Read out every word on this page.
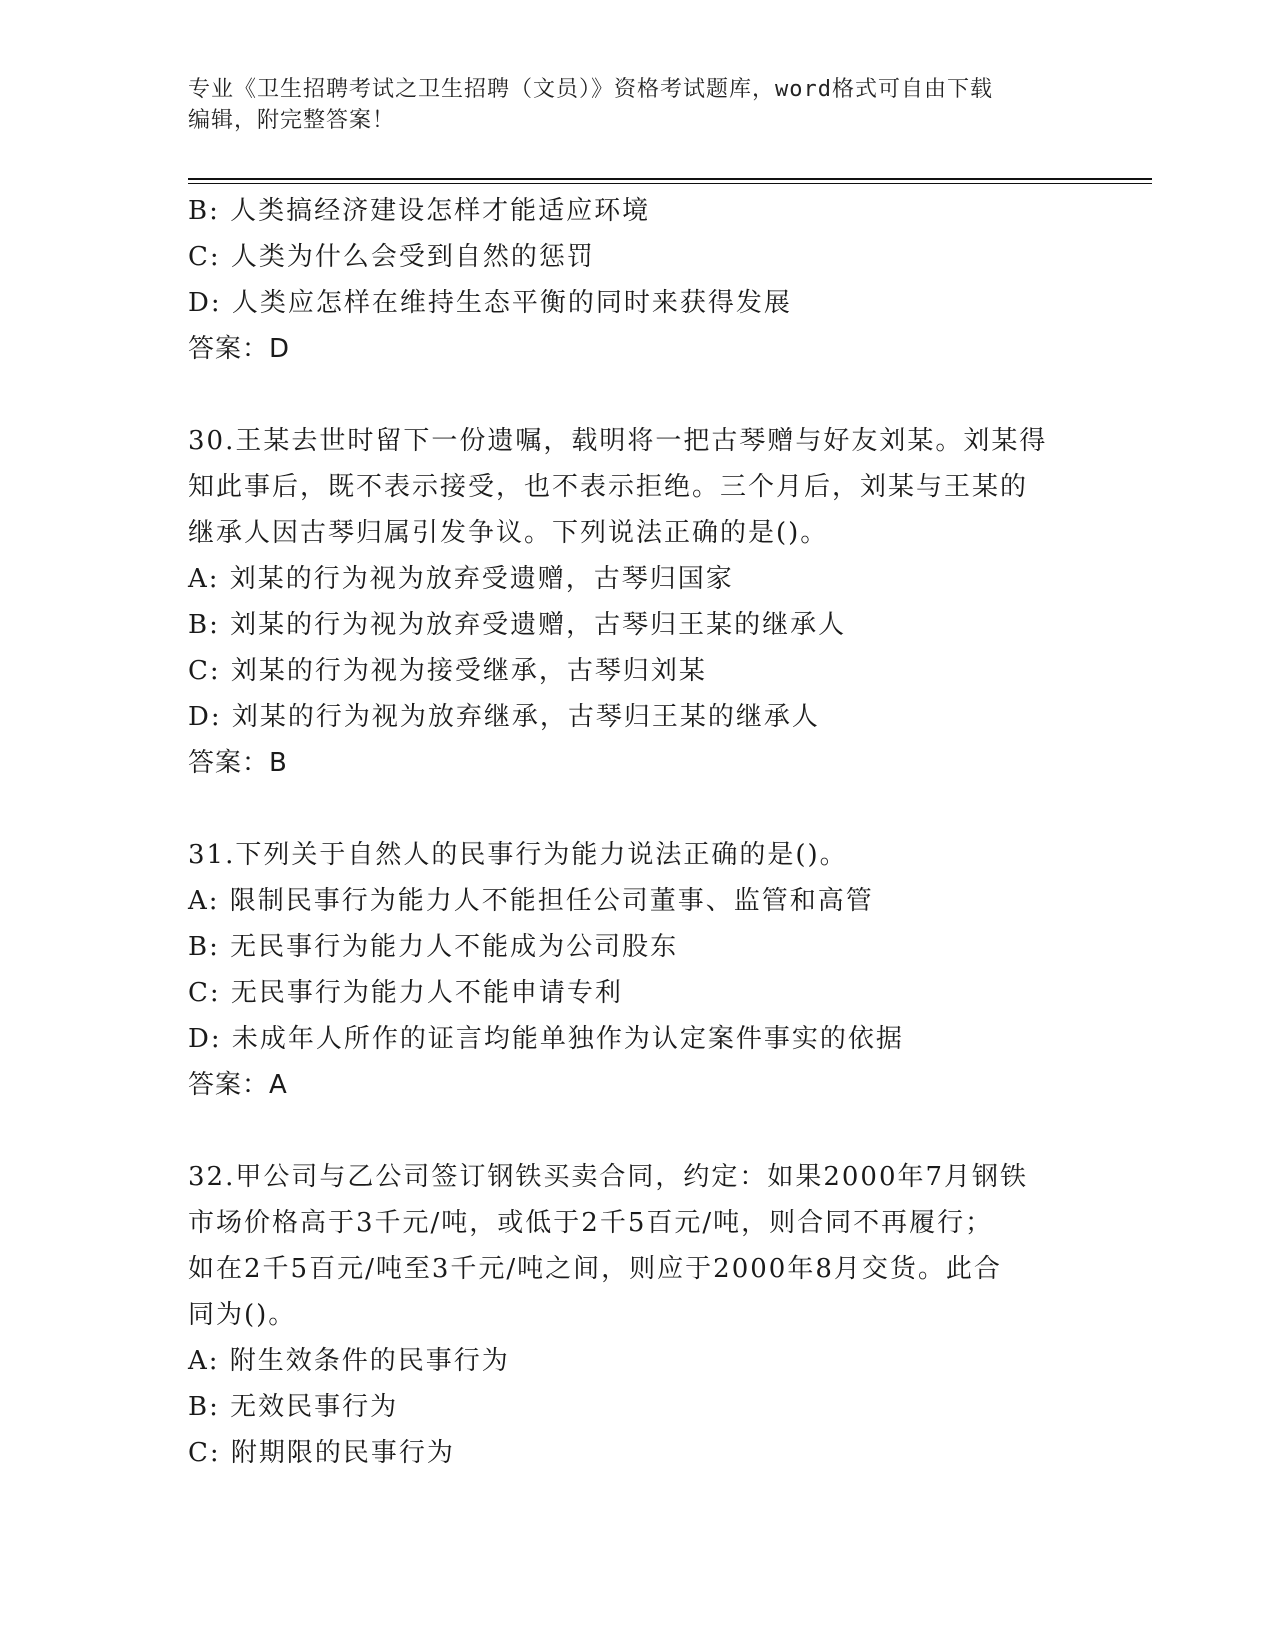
专业《卫生招聘考试之卫生招聘（文员）》资格考试题库，word格式可自由下载
编辑，附完整答案！
B: 人类搞经济建设怎样才能适应环境
C: 人类为什么会受到自然的惩罚
D: 人类应怎样在维持生态平衡的同时来获得发展
答案：D
30.王某去世时留下一份遗嘱，载明将一把古琴赠与好友刘某。刘某得
知此事后，既不表示接受，也不表示拒绝。三个月后，刘某与王某的
继承人因古琴归属引发争议。下列说法正确的是()。
A: 刘某的行为视为放弃受遗赠，古琴归国家
B: 刘某的行为视为放弃受遗赠，古琴归王某的继承人
C: 刘某的行为视为接受继承，古琴归刘某
D: 刘某的行为视为放弃继承，古琴归王某的继承人
答案：B
31.下列关于自然人的民事行为能力说法正确的是()。
A: 限制民事行为能力人不能担任公司董事、监管和高管
B: 无民事行为能力人不能成为公司股东
C: 无民事行为能力人不能申请专利
D: 未成年人所作的证言均能单独作为认定案件事实的依据
答案：A
32.甲公司与乙公司签订钢铁买卖合同，约定：如果2000年7月钢铁
市场价格高于3千元/吨，或低于2千5百元/吨，则合同不再履行；
如在2千5百元/吨至3千元/吨之间，则应于2000年8月交货。此合
同为()。
A: 附生效条件的民事行为
B: 无效民事行为
C: 附期限的民事行为
